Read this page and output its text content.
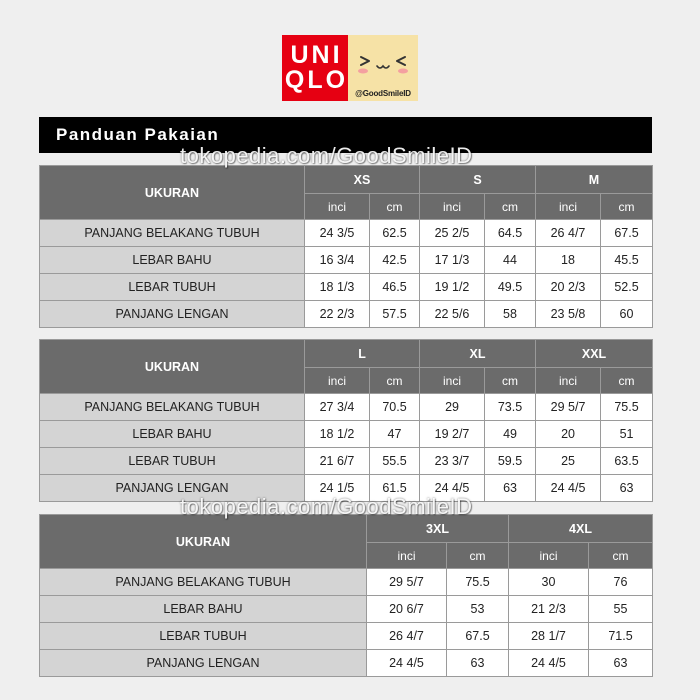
UNI
QLO @GoodSmileID
Panduan Pakaian
tokopedia.com/GoodSmileID
tokopedia.com/GoodSmileID
UKURAN	XS		S		M	
	inci	cm	inci	cm	inci	cm
PANJANG BELAKANG TUBUH	24 3/5	62.5	25 2/5	64.5	26 4/7	67.5
LEBAR BAHU	16 3/4	42.5	17 1/3	44	18	45.5
LEBAR TUBUH	18 1/3	46.5	19 1/2	49.5	20 2/3	52.5
PANJANG LENGAN	22 2/3	57.5	22 5/6	58	23 5/8	60
UKURAN	L		XL		XXL	
	inci	cm	inci	cm	inci	cm
PANJANG BELAKANG TUBUH	27 3/4	70.5	29	73.5	29 5/7	75.5
LEBAR BAHU	18 1/2	47	19 2/7	49	20	51
LEBAR TUBUH	21 6/7	55.5	23 3/7	59.5	25	63.5
PANJANG LENGAN	24 1/5	61.5	24 4/5	63	24 4/5	63
UKURAN	3XL		4XL	
	inci	cm	inci	cm
PANJANG BELAKANG TUBUH	29 5/7	75.5	30	76
LEBAR BAHU	20 6/7	53	21 2/3	55
LEBAR TUBUH	26 4/7	67.5	28 1/7	71.5
PANJANG LENGAN	24 4/5	63	24 4/5	63
